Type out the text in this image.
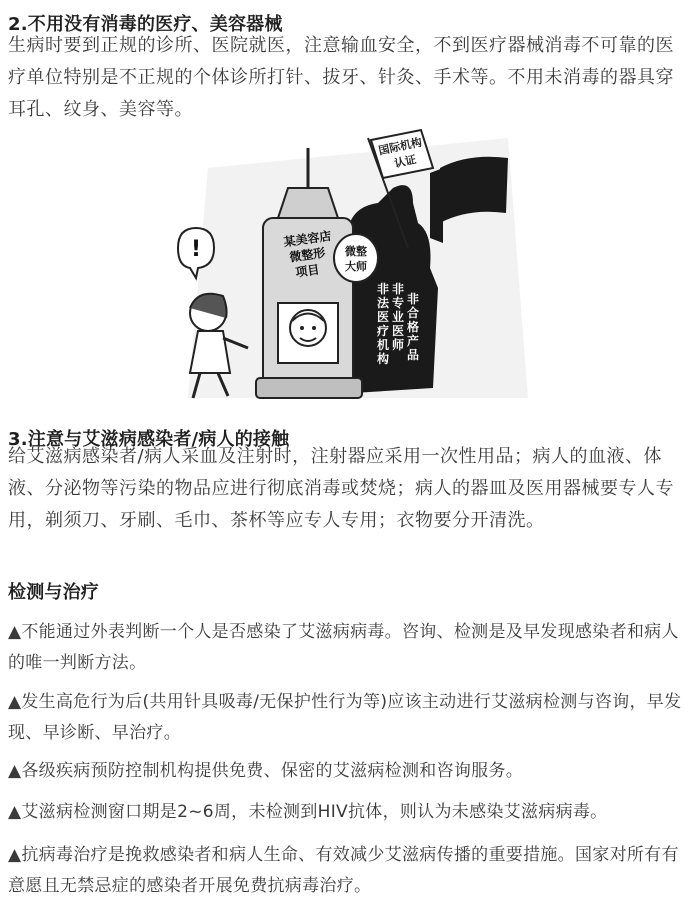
2.不用没有消毒的医疗、美容器械
生病时要到正规的诊所、医院就医，注意输血安全，不到医疗器械消毒不可靠的医疗单位特别是不正规的个体诊所打针、拔牙、针灸、手术等。不用未消毒的器具穿耳孔、纹身、美容等。
国际机构
认证
某美容店
微整形
项目
微整
大师
非
合
格
产
品
非
专
业
医
师
非
法
医
疗
机
构
!
3.注意与艾滋病感染者/病人的接触
给艾滋病感染者/病人采血及注射时，注射器应采用一次性用品；病人的血液、体液、分泌物等污染的物品应进行彻底消毒或焚烧；病人的器皿及医用器械要专人专用，剃须刀、牙刷、毛巾、茶杯等应专人专用；衣物要分开清洗。
检测与治疗
▲不能通过外表判断一个人是否感染了艾滋病病毒。咨询、检测是及早发现感染者和病人的唯一判断方法。
▲发生高危行为后(共用针具吸毒/无保护性行为等)应该主动进行艾滋病检测与咨询，早发现、早诊断、早治疗。
▲各级疾病预防控制机构提供免费、保密的艾滋病检测和咨询服务。
▲艾滋病检测窗口期是2~6周，未检测到HIV抗体，则认为未感染艾滋病病毒。
▲抗病毒治疗是挽救感染者和病人生命、有效减少艾滋病传播的重要措施。国家对所有有意愿且无禁忌症的感染者开展免费抗病毒治疗。
